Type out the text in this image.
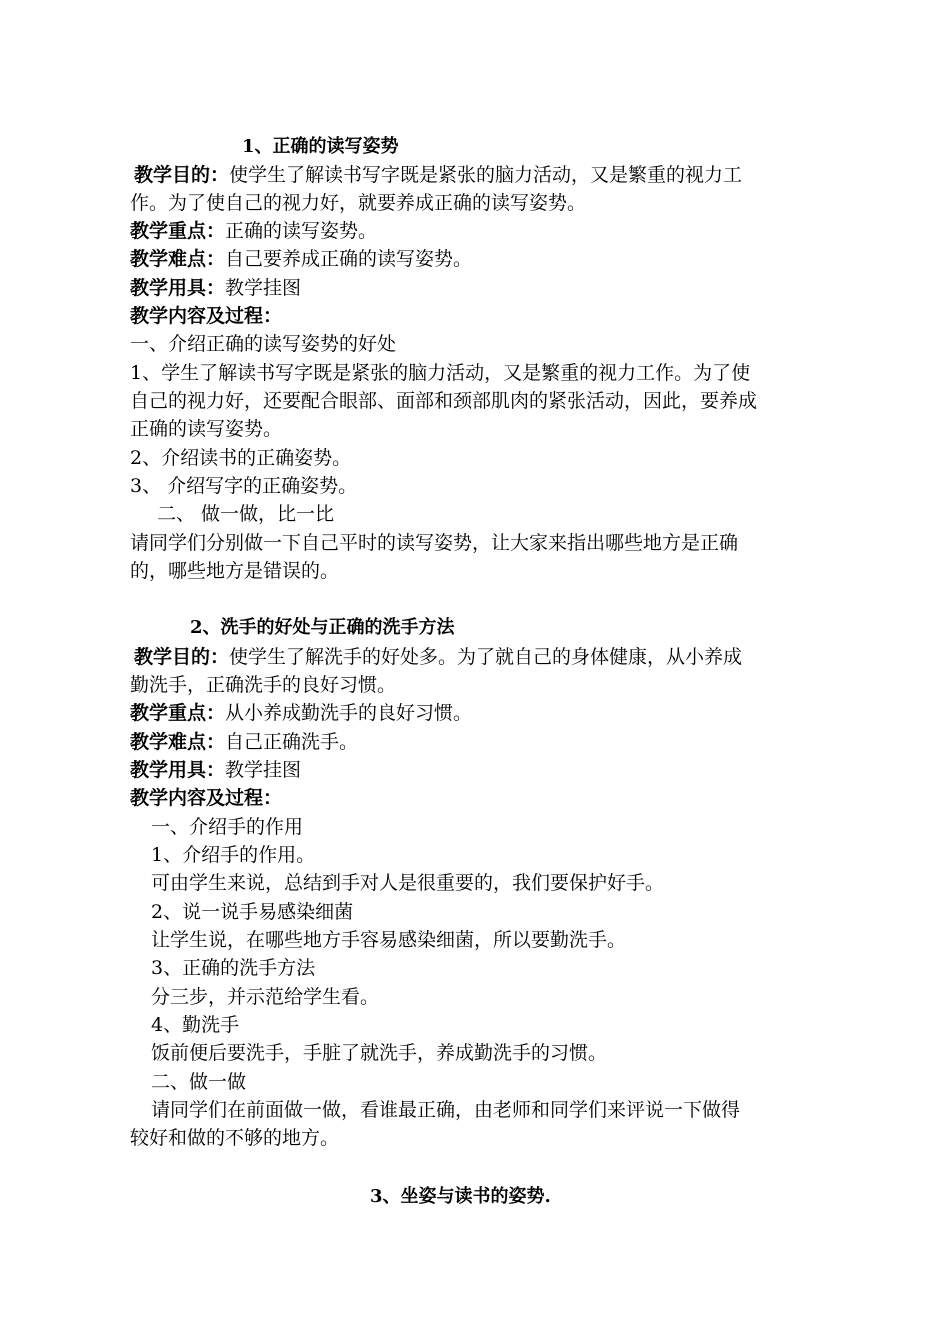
1、正确的读写姿势
教学目的：使学生了解读书写字既是紧张的脑力活动，又是繁重的视力工
作。为了使自己的视力好，就要养成正确的读写姿势。
教学重点：正确的读写姿势。
教学难点：自己要养成正确的读写姿势。
教学用具：教学挂图
教学内容及过程：
一、介绍正确的读写姿势的好处
1、学生了解读书写字既是紧张的脑力活动，又是繁重的视力工作。为了使
自己的视力好，还要配合眼部、面部和颈部肌肉的紧张活动，因此，要养成
正确的读写姿势。
2、介绍读书的正确姿势。
3、 介绍写字的正确姿势。
二、 做一做，比一比
请同学们分别做一下自己平时的读写姿势，让大家来指出哪些地方是正确
的，哪些地方是错误的。
2、洗手的好处与正确的洗手方法
教学目的：使学生了解洗手的好处多。为了就自己的身体健康，从小养成
勤洗手，正确洗手的良好习惯。
教学重点：从小养成勤洗手的良好习惯。
教学难点：自己正确洗手。
教学用具：教学挂图
教学内容及过程：
一、介绍手的作用
1、介绍手的作用。
可由学生来说，总结到手对人是很重要的，我们要保护好手。
2、说一说手易感染细菌
让学生说，在哪些地方手容易感染细菌，所以要勤洗手。
3、正确的洗手方法
分三步，并示范给学生看。
4、勤洗手
饭前便后要洗手，手脏了就洗手，养成勤洗手的习惯。
二、做一做
请同学们在前面做一做，看谁最正确，由老师和同学们来评说一下做得
较好和做的不够的地方。
3、坐姿与读书的姿势.
